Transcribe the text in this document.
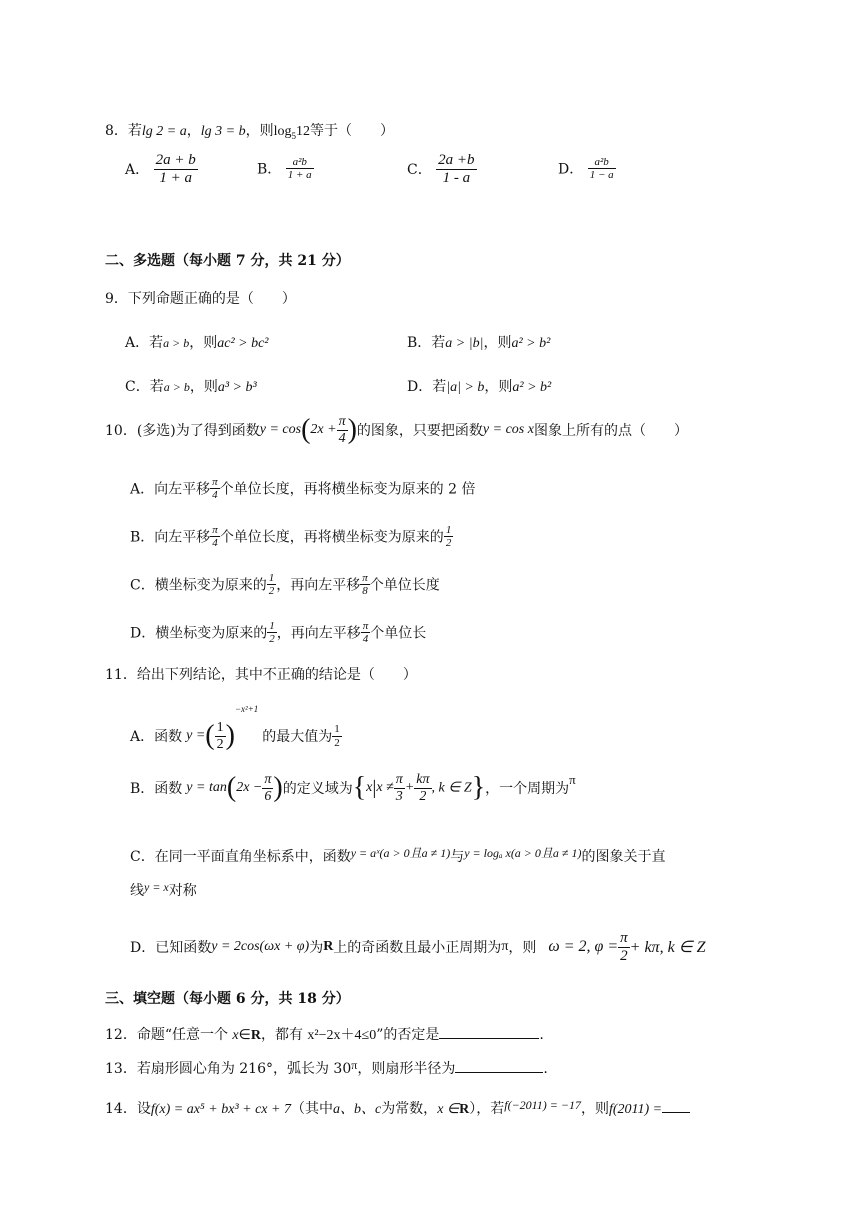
8．若lg 2 = a，lg 3 = b，则$\log_512$等于（　　）
A． $\frac{2a + b}{1 + a}$	B． $\frac{\text{a²b}}{1 + a}$	C． $\frac{2a +b}{1 - a}$	D． $\frac{\text{a²b}}{1 - a}$
二、多选题（每小题 7 分，共 21 分）
9．下列命题正确的是（　　）
A．若a > b，则ac² > bc²	B．若a > |b|，则a² > b²
C．若a > b，则a³ > b³	D．若|a| > b，则a² > b²
10．(多选)为了得到函数$y = \cos(2x + \frac{\pi}{4}$ )的图象，只要把函数y = cos x图象上所有的点（　　）
A．向左平移 $\frac{\pi}{4}$ 个单位长度，再将横坐标变为原来的 2 倍
B．向左平移 $\frac{\pi}{4}$ 个单位长度，再将横坐标变为原来的 $\frac{1}{2}$
C．横坐标变为原来的 $\frac{1}{2}$ ，再向左平移 $\frac{\pi}{8}$ 个单位长度
D．横坐标变为原来的 $\frac{1}{2}$ ，再向左平移 $\frac{\pi}{4}$ 个单位长
11．给出下列结论，其中不正确的结论是（　　）
A．函数 y =( $\frac{1}{2} )^{-x^2+1}$的最大值为 $\frac{1}{2}$
B．函数 $y = \tan(2x - \frac{\pi}{6}$ )的定义域为{$x|x \ne \frac{\pi}{3} + \frac{k\pi}{2}$ , k ∈ Z}，一个周期为π
C．在同一平面直角坐标系中，函数y = aˣ(a > 0且a ≠ 1)与y = logₐ x(a > 0且a ≠ 1)的图象关于直
线y = x对称
D．已知函数y = 2cos(ωx + φ)为R上的奇函数且最小正周期为π，则 ω = 2, $\varphi = \frac{\pi}{2} + k\pi$, k ∈ Z
三、填空题（每小题 6 分，共 18 分）
12．命题“任意一个 x∈R，都有 x²−2x＋4≤0”的否定是	.
13．若扇形圆心角为 216°，弧长为 30π，则扇形半径为	.
14．设f(x) = ax⁵ + bx³ + cx + 7（其中a、b、c为常数，x ∈R），若f(−2011) = −17，则f(2011) =
